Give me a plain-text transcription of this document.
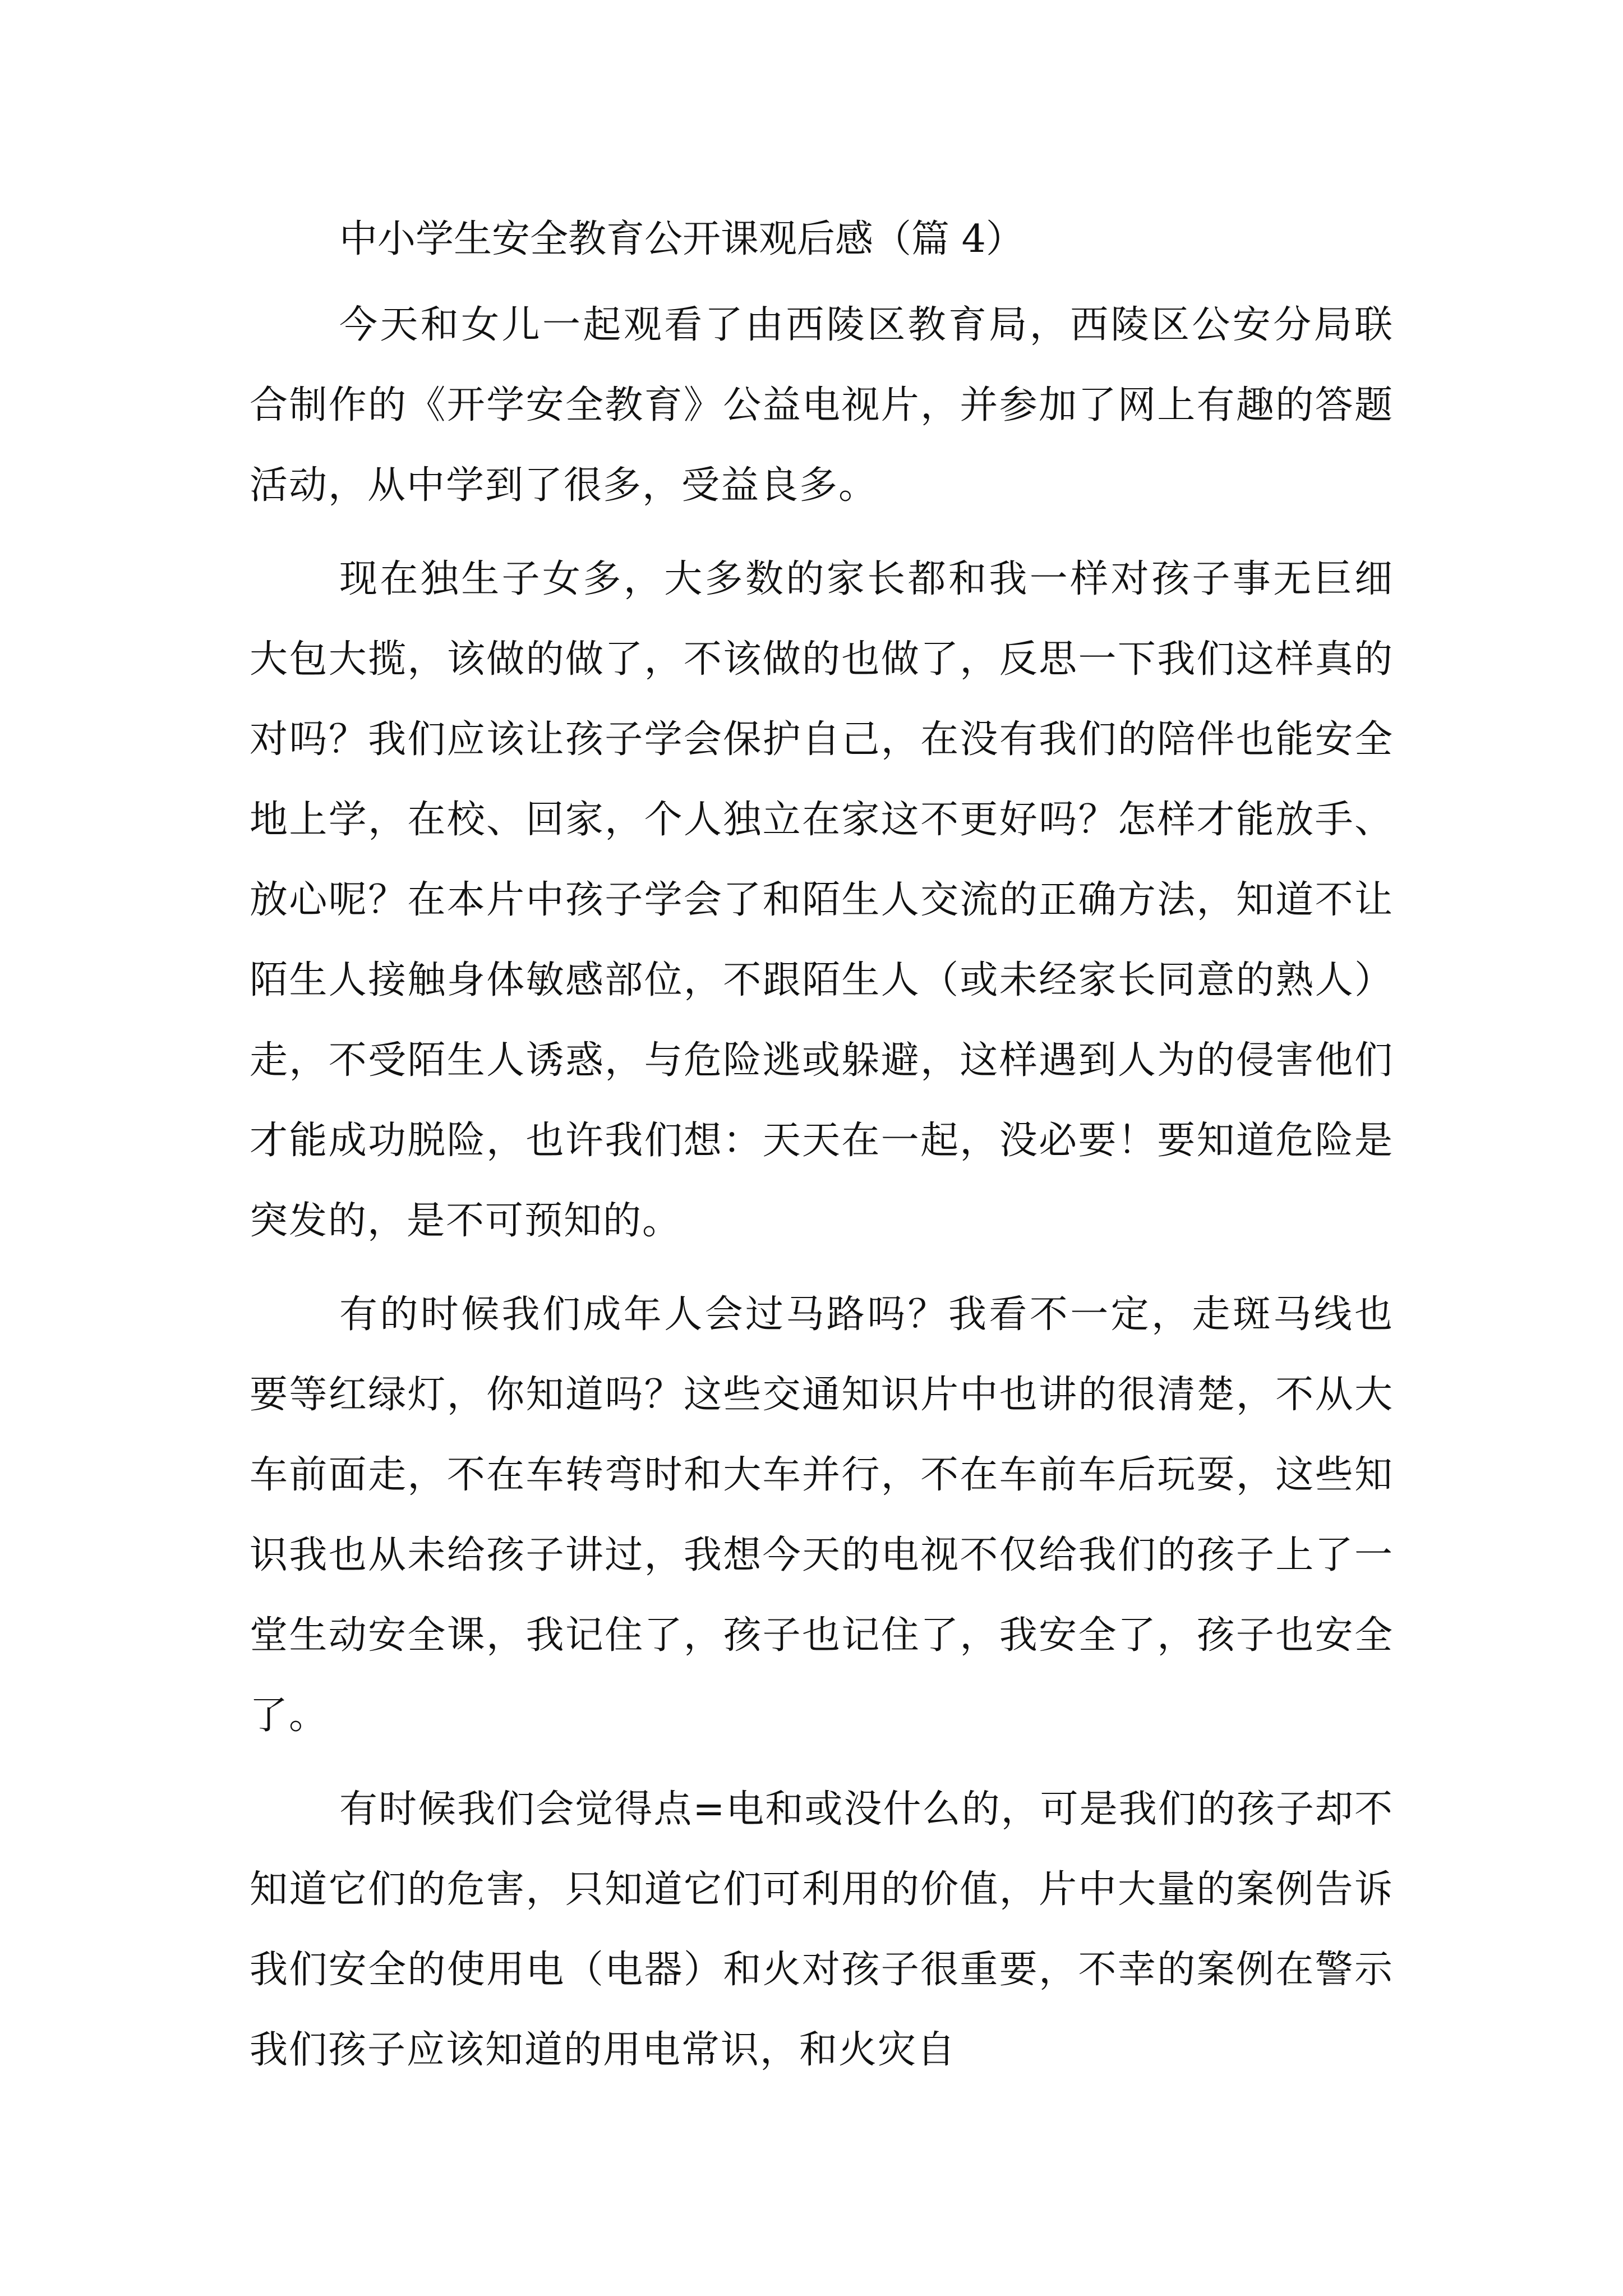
中小学生安全教育公开课观后感（篇 4）

今天和女儿一起观看了由西陵区教育局，西陵区公安分局联合制作的《开学安全教育》公益电视片，并参加了网上有趣的答题活动，从中学到了很多，受益良多。

现在独生子女多，大多数的家长都和我一样对孩子事无巨细大包大揽，该做的做了，不该做的也做了，反思一下我们这样真的对吗？我们应该让孩子学会保护自己，在没有我们的陪伴也能安全地上学，在校、回家，个人独立在家这不更好吗？怎样才能放手、放心呢？在本片中孩子学会了和陌生人交流的正确方法，知道不让陌生人接触身体敏感部位，不跟陌生人（或未经家长同意的熟人）走，不受陌生人诱惑，与危险逃或躲避，这样遇到人为的侵害他们才能成功脱险，也许我们想：天天在一起，没必要！要知道危险是突发的，是不可预知的。

有的时候我们成年人会过马路吗？我看不一定，走斑马线也要等红绿灯，你知道吗？这些交通知识片中也讲的很清楚，不从大车前面走，不在车转弯时和大车并行，不在车前车后玩耍，这些知识我也从未给孩子讲过，我想今天的电视不仅给我们的孩子上了一堂生动安全课，我记住了，孩子也记住了，我安全了，孩子也安全了。

有时候我们会觉得点=电和或没什么的，可是我们的孩子却不知道它们的危害，只知道它们可利用的价值，片中大量的案例告诉我们安全的使用电（电器）和火对孩子很重要，不幸的案例在警示我们孩子应该知道的用电常识，和火灾自
